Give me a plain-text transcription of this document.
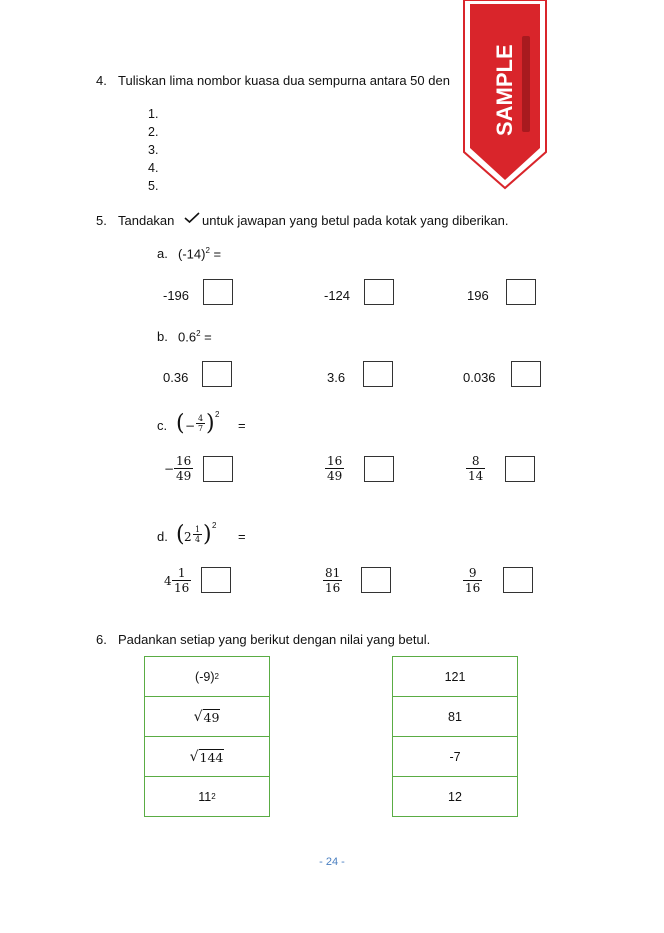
4. Tuliskan lima nombor kuasa dua sempurna antara 50 den
1.
2.
3.
4.
5.
5. Tandakan untuk jawapan yang betul pada kotak yang diberikan.
a. $(-14)^2$ =
-196	-124	196
b. $0.6^2$ =
0.36	3.6	0.036
c. ( − $\frac{4}{7}$ ) 2
=
− $\frac{16}{49}$	$\frac{16}{49}$	$\frac{8}{14}$
d. ( $2 \frac{1}{4}$ ) 2
=
$4 \frac{1}{16}$	$\frac{81}{16}$	$\frac{9}{16}$
6. Padankan setiap yang berikut dengan nilai yang betul.
(-9) 2
√ 49
√ 144
11 2
121
81
-7
12
- 24 -
SAMPLE
